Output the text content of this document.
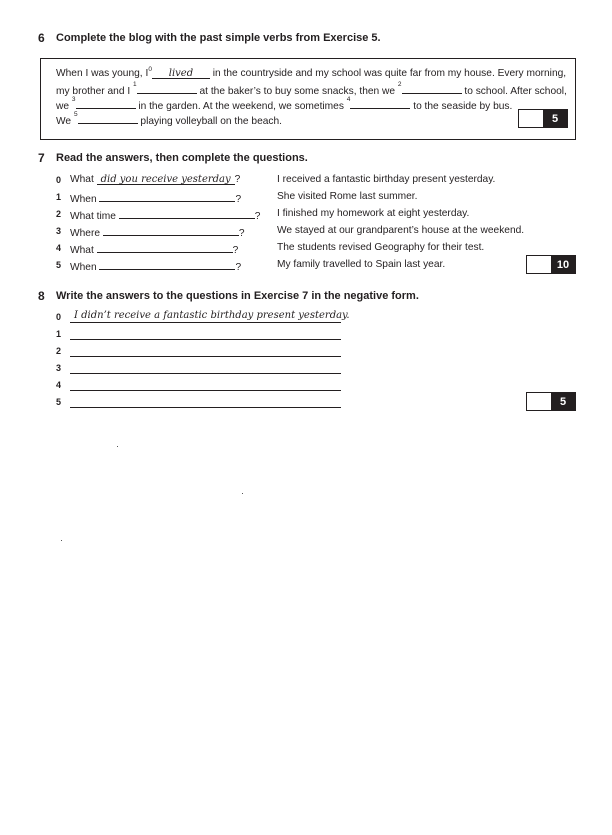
6 Complete the blog with the past simple verbs from Exercise 5.
When I was young, $I^0$ lived in the countryside and my school was quite far from my house. Every morning,
my brother and I $^1$ at the baker’s to buy some snacks, then we $^2$ to school. After school,
we $^3$ in the garden. At the weekend, we sometimes $^4$ to the seaside by bus.
We $^5$ playing volleyball on the beach.	5
7 Read the answers, then complete the questions.
0 What did you receive yesterday ?	I received a fantastic birthday present yesterday.
1 When	?	She visited Rome last summer.
2 What time	? I finished my homework at eight yesterday.
3 Where	?	We stayed at our grandparent’s house at the weekend.
4 What	?	The students revised Geography for their test.
5 When	?	My family travelled to Spain last year.	10
8 Write the answers to the questions in Exercise 7 in the negative form.
0 I didn’t receive a fantastic birthday present yesterday.
1
2
3
4
5	5
